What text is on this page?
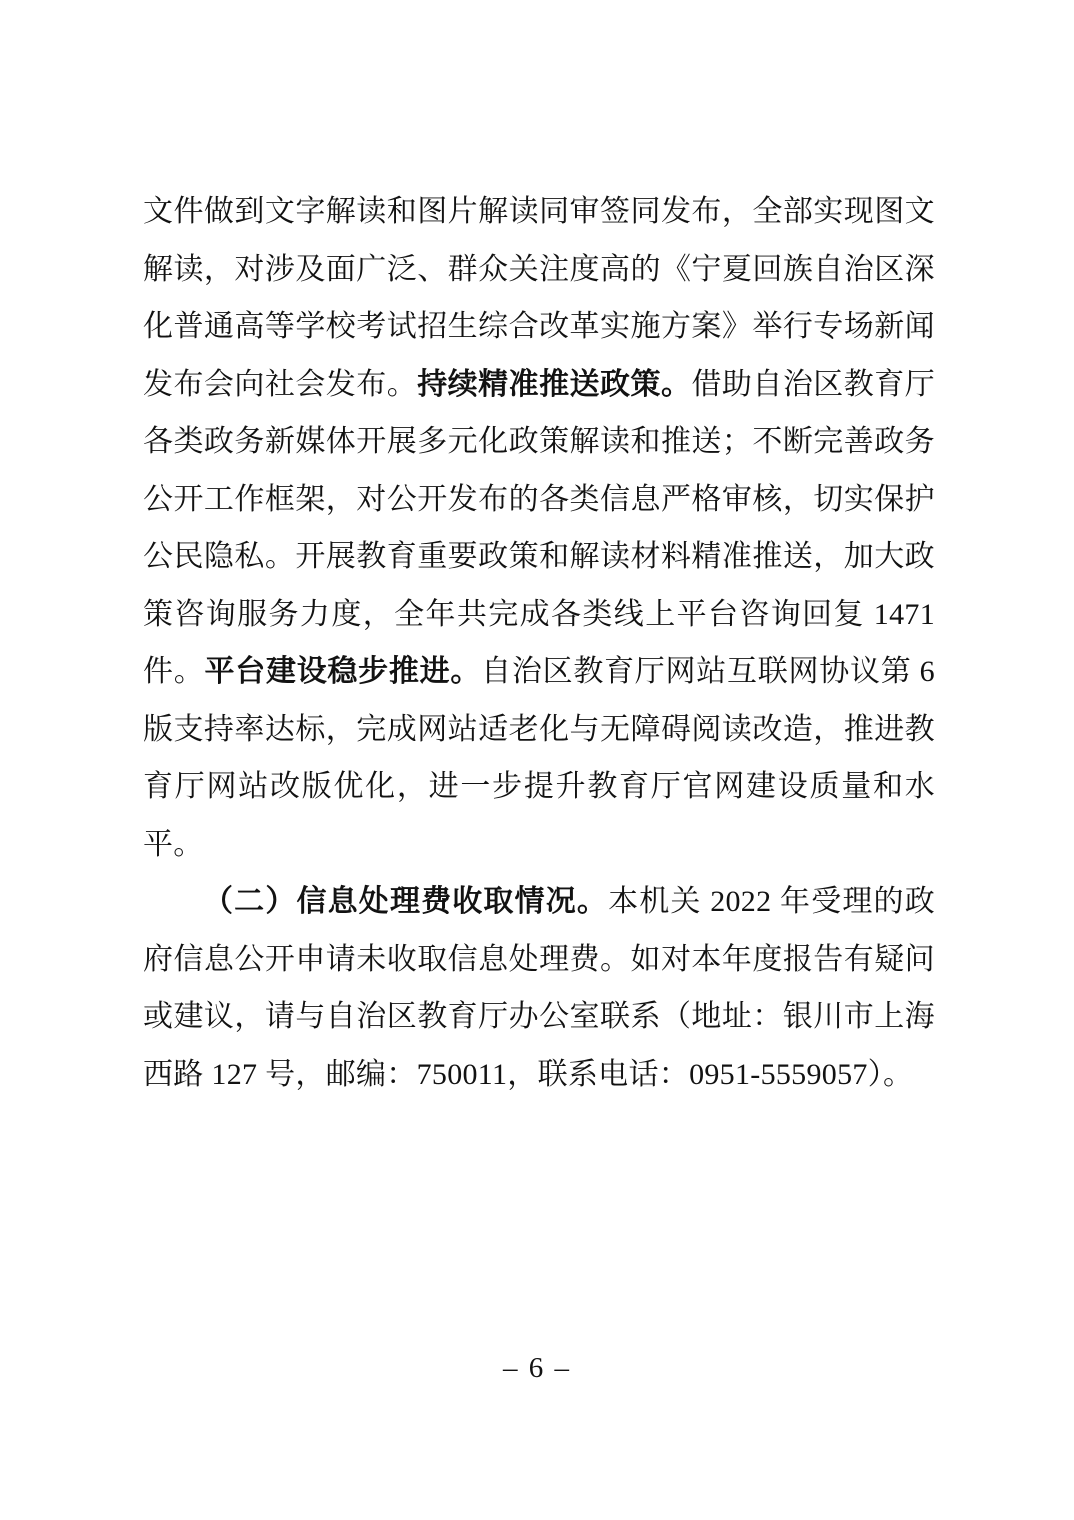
文件做到文字解读和图片解读同审签同发布，全部实现图文解读，对涉及面广泛、群众关注度高的《宁夏回族自治区深化普通高等学校考试招生综合改革实施方案》举行专场新闻发布会向社会发布。持续精准推送政策。借助自治区教育厅各类政务新媒体开展多元化政策解读和推送；不断完善政务公开工作框架，对公开发布的各类信息严格审核，切实保护公民隐私。开展教育重要政策和解读材料精准推送，加大政策咨询服务力度，全年共完成各类线上平台咨询回复 1471 件。平台建设稳步推进。自治区教育厅网站互联网协议第 6 版支持率达标，完成网站适老化与无障碍阅读改造，推进教育厅网站改版优化，进一步提升教育厅官网建设质量和水平。

（二）信息处理费收取情况。本机关 2022 年受理的政府信息公开申请未收取信息处理费。如对本年度报告有疑问或建议，请与自治区教育厅办公室联系（地址：银川市上海西路 127 号，邮编：750011，联系电话：0951-5559057）。

– 6 –
